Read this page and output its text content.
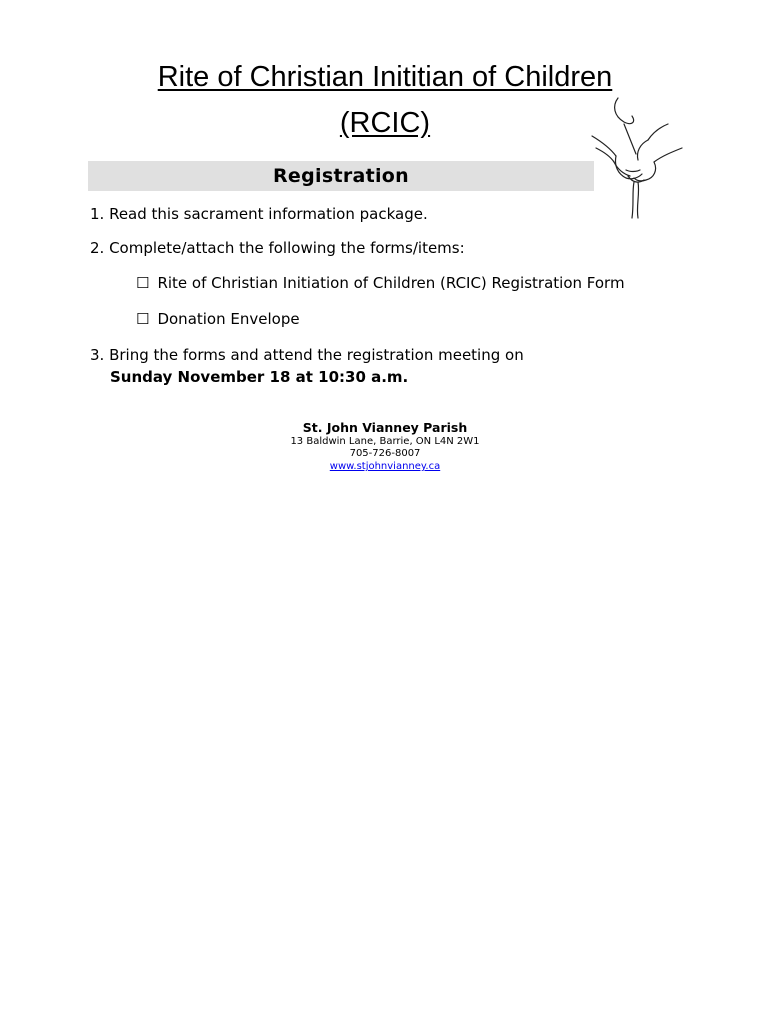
Rite of Christian Inititian of Children
(RCIC)
Registration
1. Read this sacrament information package.
2. Complete/attach the following the forms/items:
☐ Rite of Christian Initiation of Children (RCIC) Registration Form
☐ Donation Envelope
3. Bring the forms and attend the registration meeting on
Sunday November 18 at 10:30 a.m.
St. John Vianney Parish
13 Baldwin Lane, Barrie, ON L4N 2W1
705-726-8007
www.stjohnvianney.ca
